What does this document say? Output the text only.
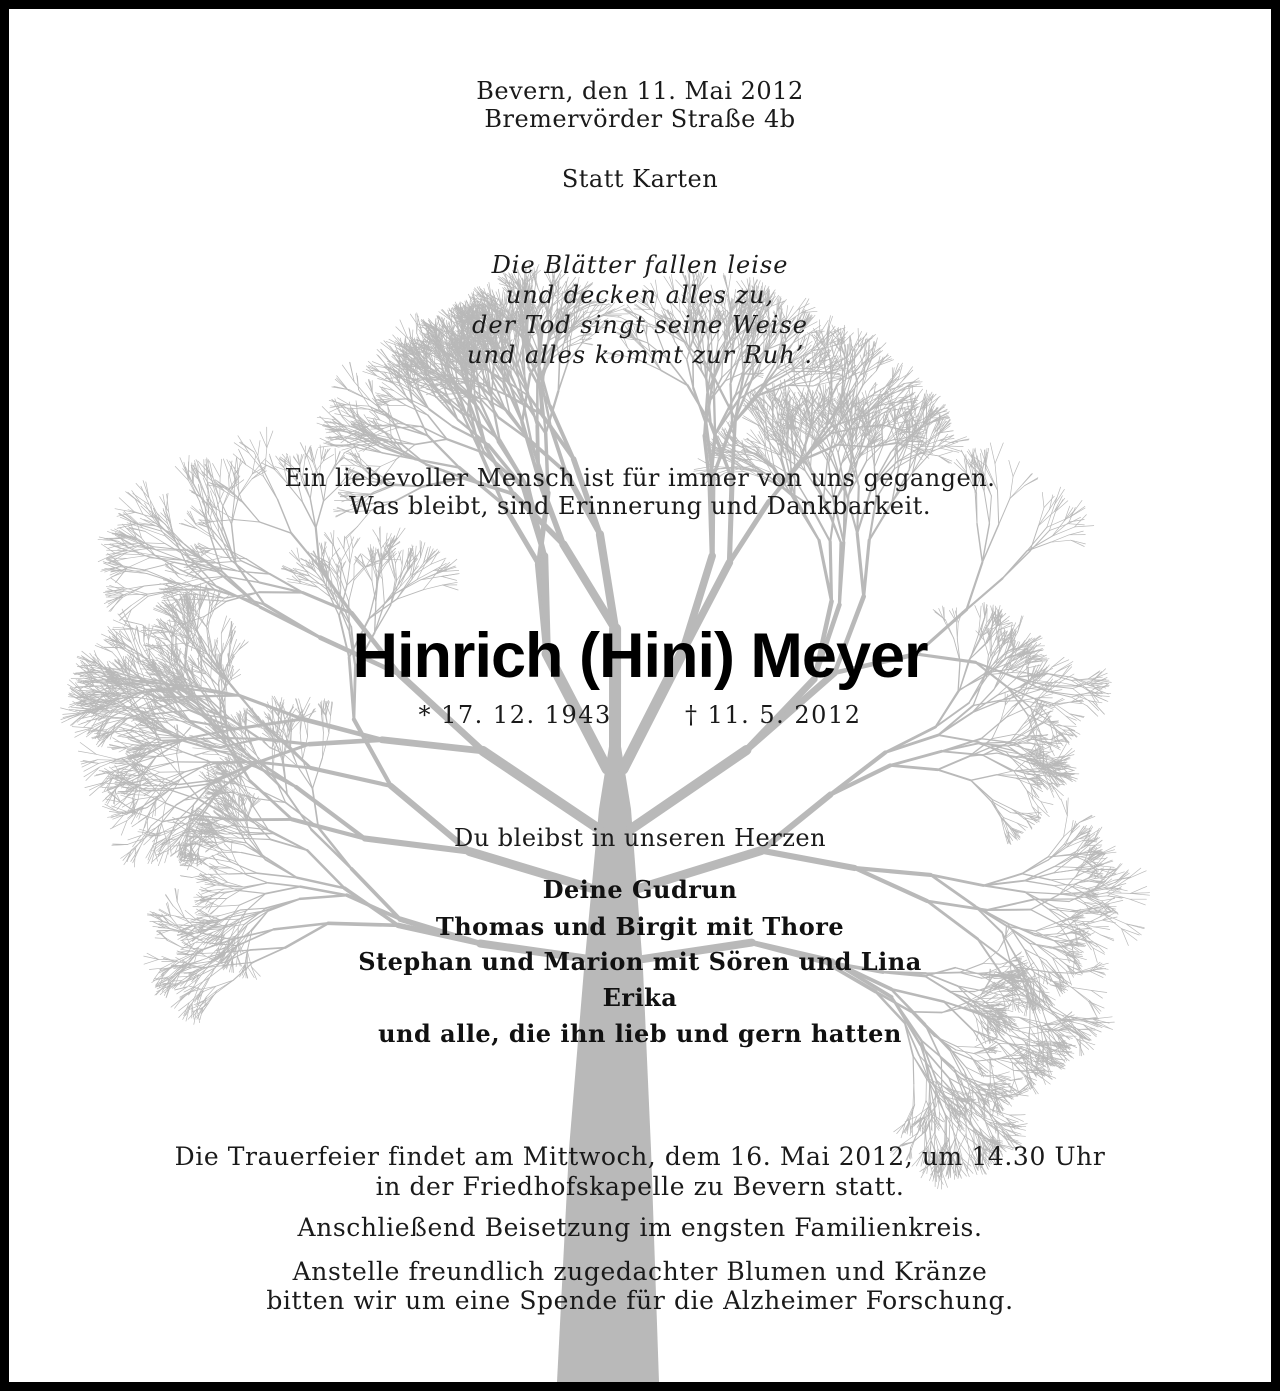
Bevern, den 11. Mai 2012
Bremervörder Straße 4b
Statt Karten
Die Blätter fallen leise
und decken alles zu,
der Tod singt seine Weise
und alles kommt zur Ruh’.
Ein liebevoller Mensch ist für immer von uns gegangen.
Was bleibt, sind Erinnerung und Dankbarkeit.
Hinrich (Hini) Meyer
* 17. 12. 1943	† 11. 5. 2012
Du bleibst in unseren Herzen
Deine Gudrun
Thomas und Birgit mit Thore
Stephan und Marion mit Sören und Lina
Erika
und alle, die ihn lieb und gern hatten
Die Trauerfeier findet am Mittwoch, dem 16. Mai 2012, um 14.30 Uhr
in der Friedhofskapelle zu Bevern statt.
Anschließend Beisetzung im engsten Familienkreis.
Anstelle freundlich zugedachter Blumen und Kränze
bitten wir um eine Spende für die Alzheimer Forschung.
